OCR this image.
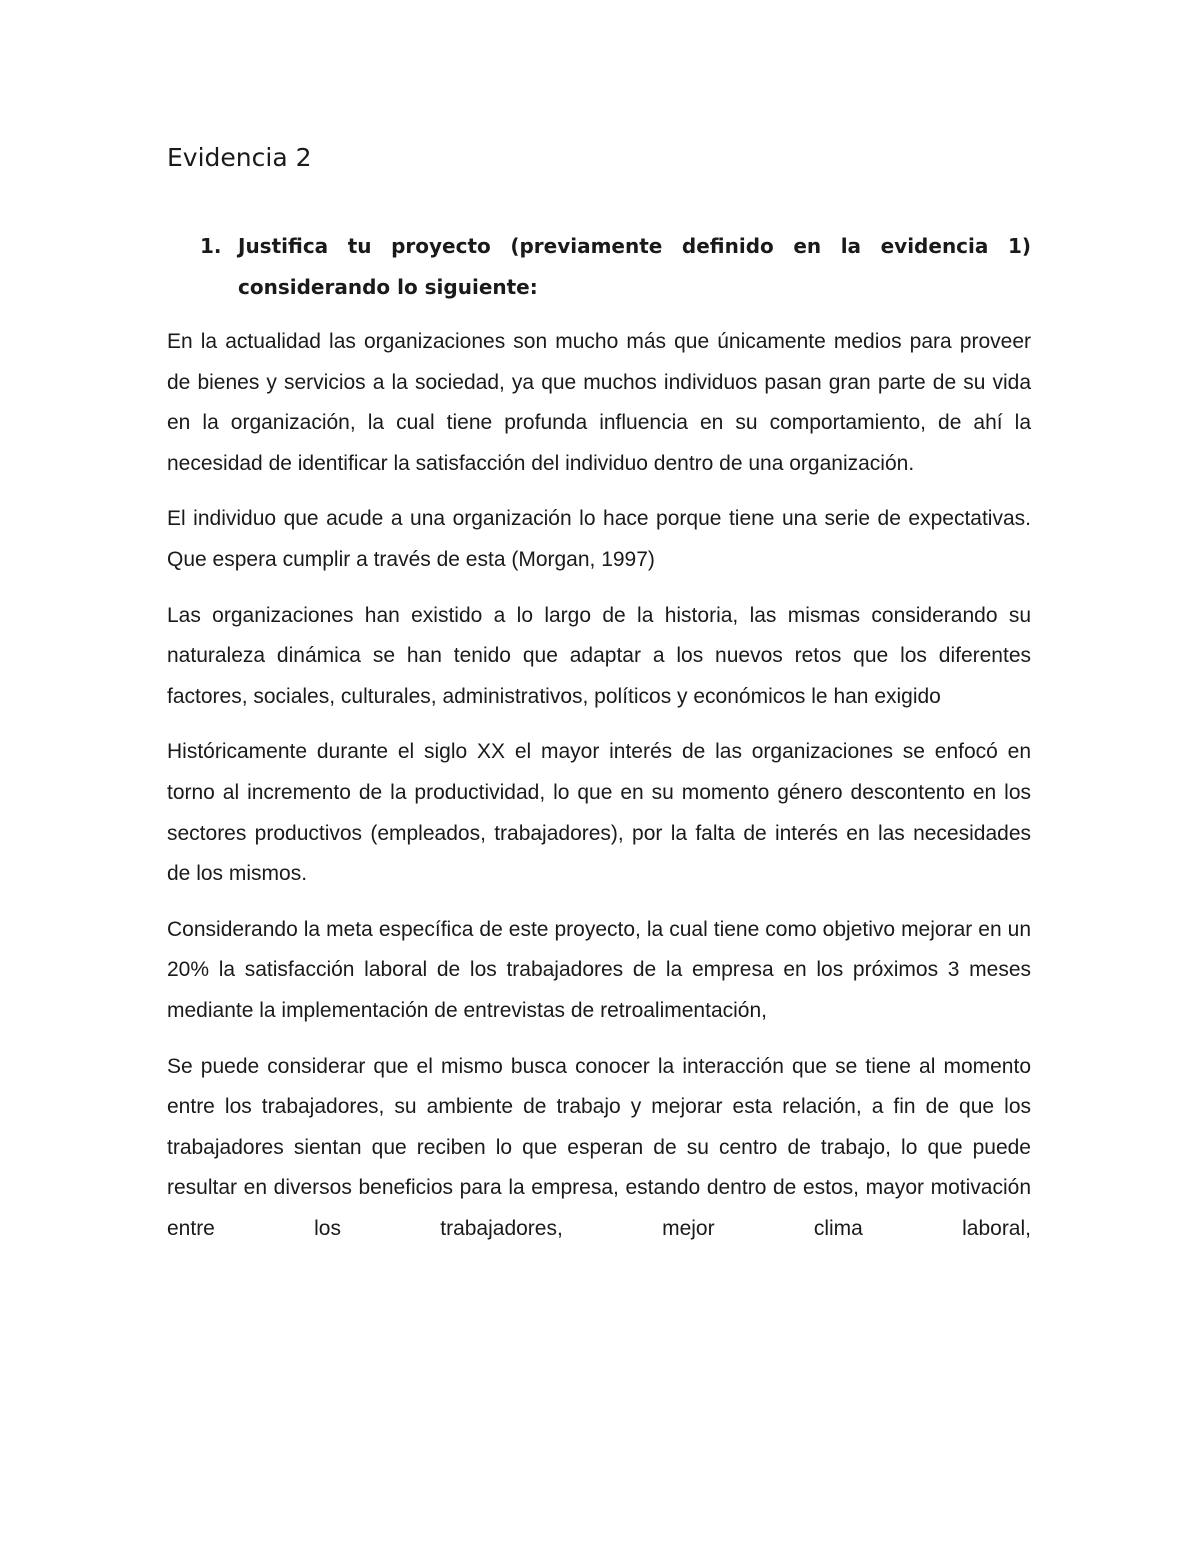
Evidencia 2
1. Justifica tu proyecto (previamente definido en la evidencia 1) considerando lo siguiente:

En la actualidad las organizaciones son mucho más que únicamente medios para proveer de bienes y servicios a la sociedad, ya que muchos individuos pasan gran parte de su vida en la organización, la cual tiene profunda influencia en su comportamiento, de ahí la necesidad de identificar la satisfacción del individuo dentro de una organización.

El individuo que acude a una organización lo hace porque tiene una serie de expectativas. Que espera cumplir a través de esta (Morgan, 1997)

Las organizaciones han existido a lo largo de la historia, las mismas considerando su naturaleza dinámica se han tenido que adaptar a los nuevos retos que los diferentes factores, sociales, culturales, administrativos, políticos y económicos le han exigido

Históricamente durante el siglo XX el mayor interés de las organizaciones se enfocó en torno al incremento de la productividad, lo que en su momento género descontento en los sectores productivos (empleados, trabajadores), por la falta de interés en las necesidades de los mismos.

Considerando la meta específica de este proyecto, la cual tiene como objetivo mejorar en un 20% la satisfacción laboral de los trabajadores de la empresa en los próximos 3 meses mediante la implementación de entrevistas de retroalimentación,

Se puede considerar que el mismo busca conocer la interacción que se tiene al momento entre los trabajadores, su ambiente de trabajo y mejorar esta relación, a fin de que los trabajadores sientan que reciben lo que esperan de su centro de trabajo, lo que puede resultar en diversos beneficios para la empresa, estando dentro de estos, mayor motivación entre los trabajadores, mejor clima laboral,
